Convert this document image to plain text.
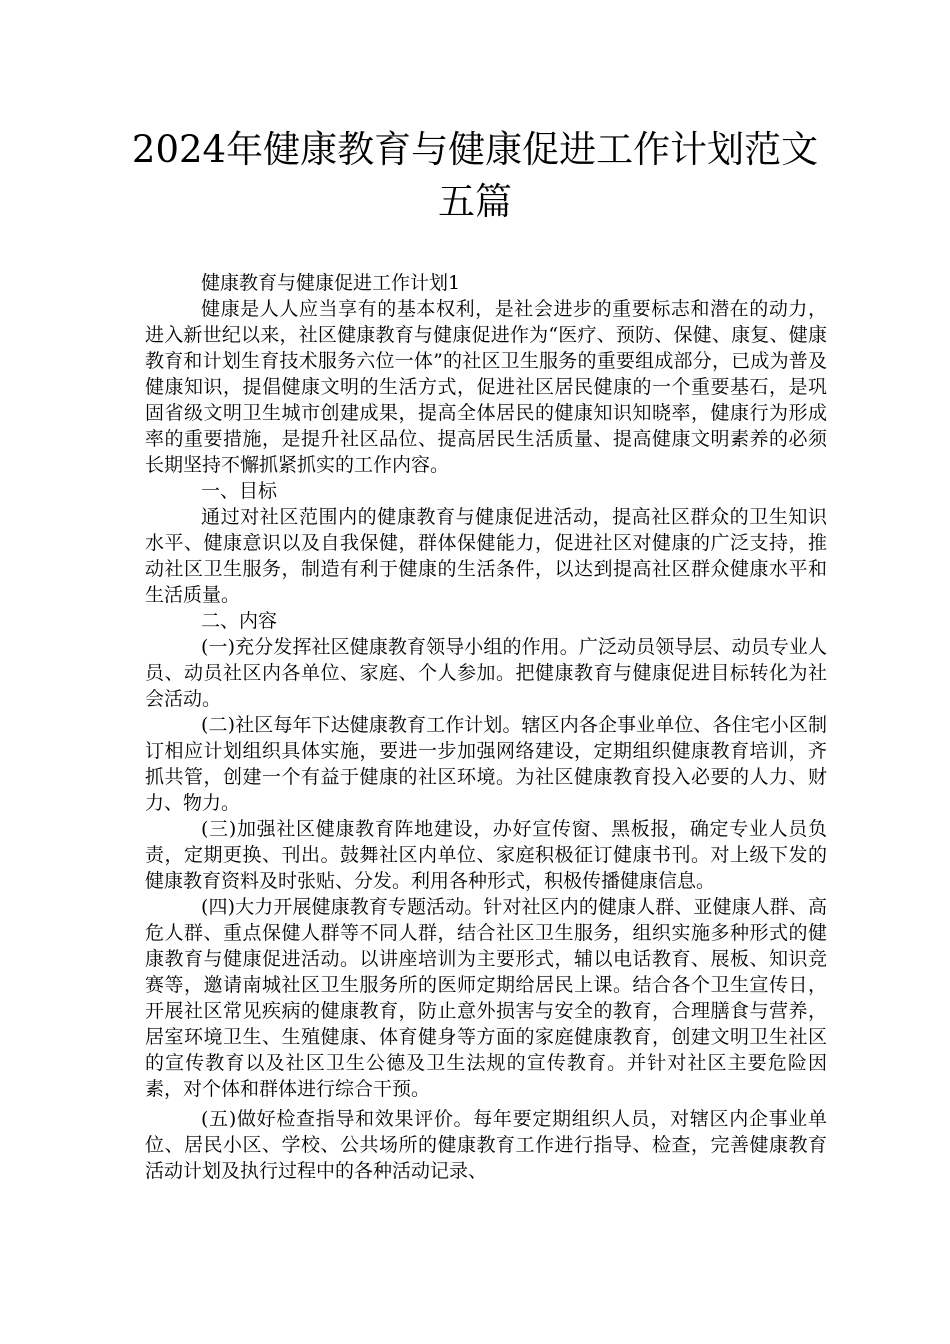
2024年健康教育与健康促进工作计划范文
五篇

健康教育与健康促进工作计划1

健康是人人应当享有的基本权利，是社会进步的重要标志和潜在的动力，进入新世纪以来，社区健康教育与健康促进作为“医疗、预防、保健、康复、健康教育和计划生育技术服务六位一体”的社区卫生服务的重要组成部分，已成为普及健康知识，提倡健康文明的生活方式，促进社区居民健康的一个重要基石，是巩固省级文明卫生城市创建成果，提高全体居民的健康知识知晓率，健康行为形成率的重要措施，是提升社区品位、提高居民生活质量、提高健康文明素养的必须长期坚持不懈抓紧抓实的工作内容。

一、目标

通过对社区范围内的健康教育与健康促进活动，提高社区群众的卫生知识水平、健康意识以及自我保健，群体保健能力，促进社区对健康的广泛支持，推动社区卫生服务，制造有利于健康的生活条件，以达到提高社区群众健康水平和生活质量。

二、内容

(一)充分发挥社区健康教育领导小组的作用。广泛动员领导层、动员专业人员、动员社区内各单位、家庭、个人参加。把健康教育与健康促进目标转化为社会活动。

(二)社区每年下达健康教育工作计划。辖区内各企事业单位、各住宅小区制订相应计划组织具体实施，要进一步加强网络建设，定期组织健康教育培训，齐抓共管，创建一个有益于健康的社区环境。为社区健康教育投入必要的人力、财力、物力。

(三)加强社区健康教育阵地建设，办好宣传窗、黑板报，确定专业人员负责，定期更换、刊出。鼓舞社区内单位、家庭积极征订健康书刊。对上级下发的健康教育资料及时张贴、分发。利用各种形式，积极传播健康信息。

(四)大力开展健康教育专题活动。针对社区内的健康人群、亚健康人群、高危人群、重点保健人群等不同人群，结合社区卫生服务，组织实施多种形式的健康教育与健康促进活动。以讲座培训为主要形式，辅以电话教育、展板、知识竞赛等，邀请南城社区卫生服务所的医师定期给居民上课。结合各个卫生宣传日，开展社区常见疾病的健康教育，防止意外损害与安全的教育，合理膳食与营养，居室环境卫生、生殖健康、体育健身等方面的家庭健康教育，创建文明卫生社区的宣传教育以及社区卫生公德及卫生法规的宣传教育。并针对社区主要危险因素，对个体和群体进行综合干预。

(五)做好检查指导和效果评价。每年要定期组织人员，对辖区内企事业单位、居民小区、学校、公共场所的健康教育工作进行指导、检查，完善健康教育活动计划及执行过程中的各种活动记录、
